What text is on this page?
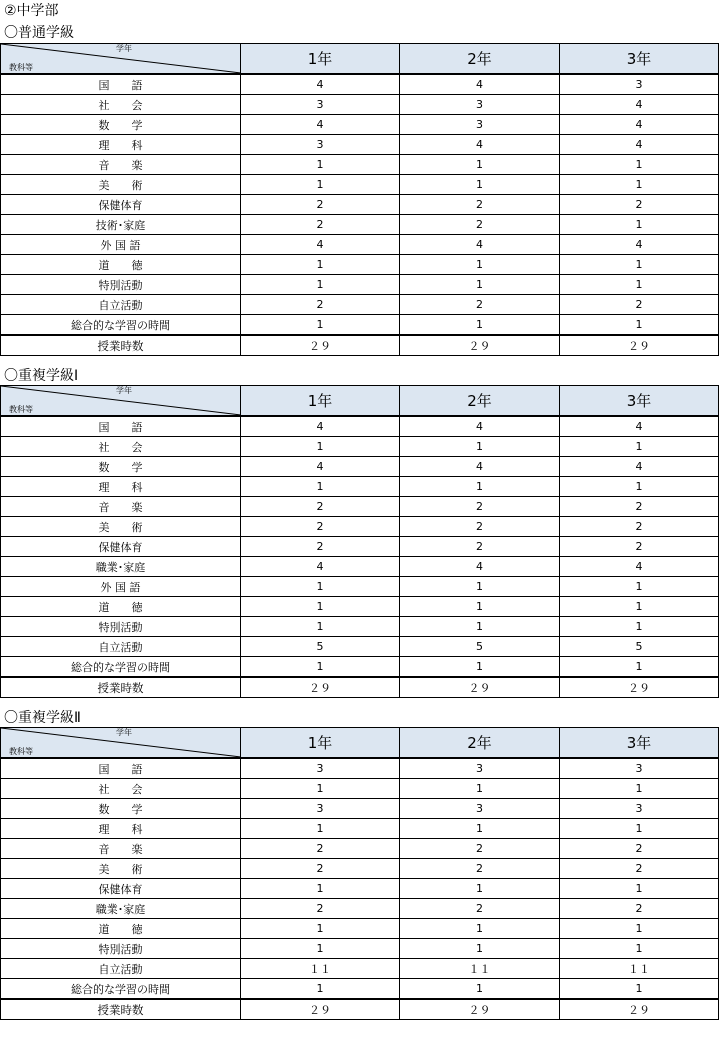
②中学部
〇普通学級
学年
教科等	1年	2年	3年
国　　語	4	4	3
社　　会	3	3	4
数　　学	4	3	4
理　　科	3	4	4
音　　楽	1	1	1
美　　術	1	1	1
保健体育	2	2	2
技術･家庭	2	2	1
外 国 語	4	4	4
道　　徳	1	1	1
特別活動	1	1	1
自立活動	2	2	2
総合的な学習の時間	1	1	1
授業時数	２９	２９	２９
〇重複学級Ⅰ
学年
教科等	1年	2年	3年
国　　語	4	4	4
社　　会	1	1	1
数　　学	4	4	4
理　　科	1	1	1
音　　楽	2	2	2
美　　術	2	2	2
保健体育	2	2	2
職業･家庭	4	4	4
外 国 語	1	1	1
道　　徳	1	1	1
特別活動	1	1	1
自立活動	5	5	5
総合的な学習の時間	1	1	1
授業時数	２９	２９	２９
〇重複学級Ⅱ
学年
教科等	1年	2年	3年
国　　語	3	3	3
社　　会	1	1	1
数　　学	3	3	3
理　　科	1	1	1
音　　楽	2	2	2
美　　術	2	2	2
保健体育	1	1	1
職業･家庭	2	2	2
道　　徳	1	1	1
特別活動	1	1	1
自立活動	１１	１１	１１
総合的な学習の時間	1	1	1
授業時数	２９	２９	２９
